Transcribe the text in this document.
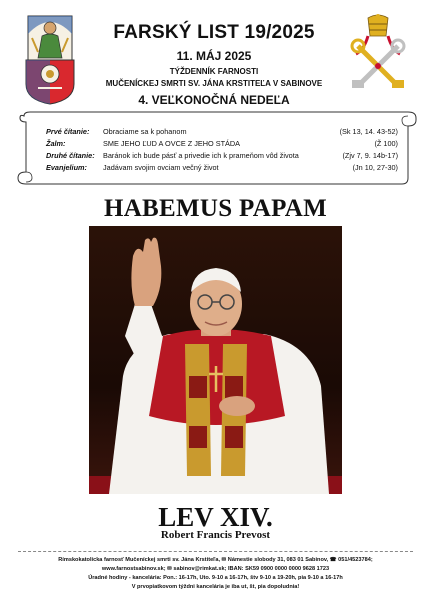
FARSKÝ LIST 19/2025
11. MÁJ 2025
TÝŽDENNÍK FARNOSTI
MUČENÍCKEJ SMRTI SV. JÁNA KRSTITEĽA V SABINOVE
4. VEĽKONOČNÁ NEDEĽA
Prvé čítanie: Obraciame sa k pohanom	(Sk 13, 14. 43-52)
Žalm:	SME JEHO ĽUD A OVCE Z JEHO STÁDA	(Ž 100)
Druhé čítanie: Baránok ich bude pásť a privedie ich k prameňom vôd života	(Zjv 7, 9. 14b-17)
Evanjelium: Jadávam svojim ovciam večný život	(Jn 10, 27-30)
HABEMUS PAPAM
LEV XIV.
Robert Francis Prevost
Rímskokatolícka farnosť Mučeníckej smrti sv. Jána Krstiteľa, ✉ Námestie slobody 31, 083 01 Sabinov, ☎ 051/4523784;
www.farnostsabinov.sk; ✉ sabinov@rimkat.sk; IBAN: SK59 0900 0000 0000 9628 1723
Úradné hodiny - kancelária: Pon.: 16-17h, Uto. 9-10 a 16-17h, štv 9-10 a 19-20h, pia 9-10 a 16-17h
V prvopiatkovom týždni kancelária je iba ut, št, pia dopoludnia!
